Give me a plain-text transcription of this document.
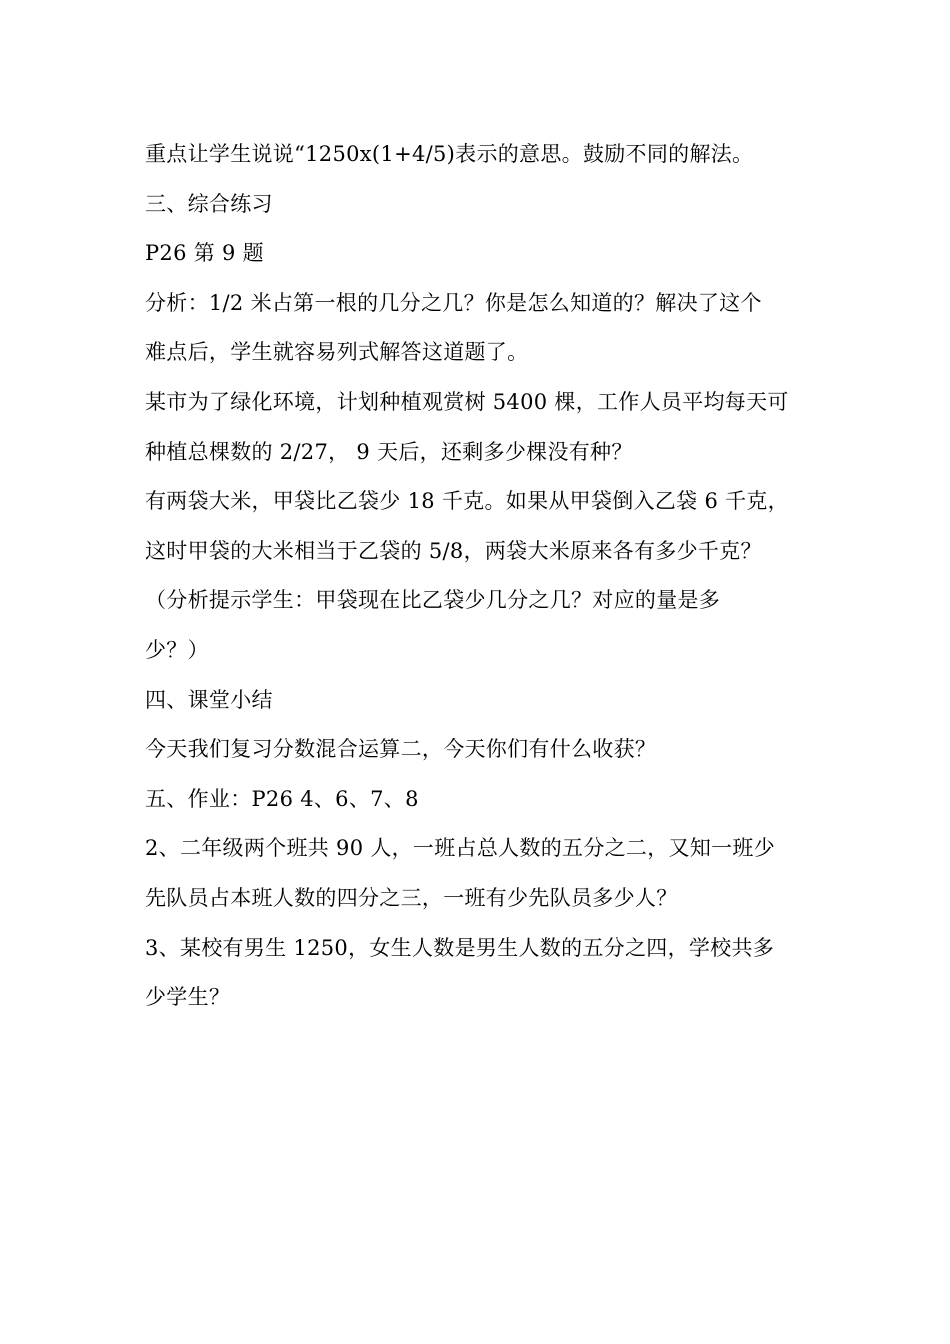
重点让学生说说“1250x(1+4/5)表示的意思。鼓励不同的解法。
三、综合练习
P26 第 9 题
分析：1/2 米占第一根的几分之几？你是怎么知道的？解决了这个
难点后，学生就容易列式解答这道题了。
某市为了绿化环境，计划种植观赏树 5400 棵，工作人员平均每天可
种植总棵数的 2/27， 9 天后，还剩多少棵没有种？
有两袋大米，甲袋比乙袋少 18 千克。如果从甲袋倒入乙袋 6 千克，
这时甲袋的大米相当于乙袋的 5/8，两袋大米原来各有多少千克？
（分析提示学生：甲袋现在比乙袋少几分之几？对应的量是多
少？）
四、课堂小结
今天我们复习分数混合运算二，今天你们有什么收获？
五、作业：P26 4、6、7、8
2、二年级两个班共 90 人，一班占总人数的五分之二，又知一班少
先队员占本班人数的四分之三，一班有少先队员多少人？
3、某校有男生 1250，女生人数是男生人数的五分之四，学校共多
少学生？
